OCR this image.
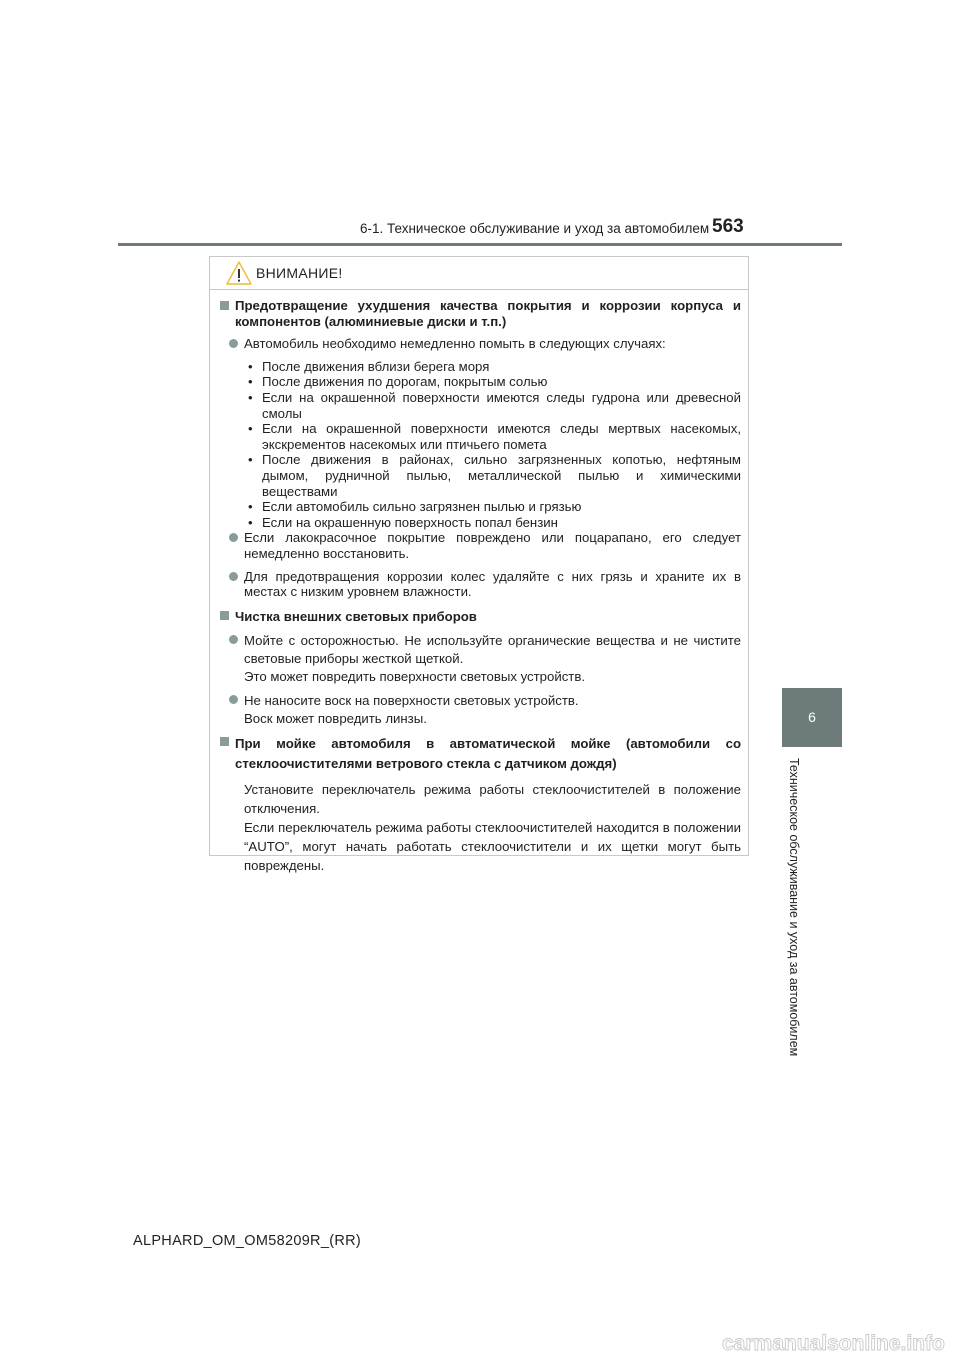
6-1. Техническое обслуживание и уход за автомобилем 563
6
Техническое обслуживание и уход за автомобилем
ВНИМАНИЕ!
Предотвращение ухудшения качества покрытия и коррозии корпуса и компонентов (алюминиевые диски и т.п.)
Автомобиль необходимо немедленно помыть в следующих случаях:
• После движения вблизи берега моря
• После движения по дорогам, покрытым солью
• Если на окрашенной поверхности имеются следы гудрона или древесной смолы
• Если на окрашенной поверхности имеются следы мертвых насекомых, экскрементов насекомых или птичьего помета
• После движения в районах, сильно загрязненных копотью, нефтяным дымом, рудничной пылью, металлической пылью и химическими веществами
• Если автомобиль сильно загрязнен пылью и грязью
• Если на окрашенную поверхность попал бензин
Если лакокрасочное покрытие повреждено или поцарапано, его следует немедленно восстановить.
Для предотвращения коррозии колес удаляйте с них грязь и храните их в местах с низким уровнем влажности.
Чистка внешних световых приборов
Мойте с осторожностью. Не используйте органические вещества и не чистите световые приборы жесткой щеткой.
Это может повредить поверхности световых устройств.
Не наносите воск на поверхности световых устройств.
Воск может повредить линзы.
При мойке автомобиля в автоматической мойке (автомобили со стеклоочистителями ветрового стекла с датчиком дождя)
Установите переключатель режима работы стеклоочистителей в положение отключения.
Если переключатель режима работы стеклоочистителей находится в положении “AUTO”, могут начать работать стеклоочистители и их щетки могут быть повреждены.
ALPHARD_OM_OM58209R_(RR)
carmanualsonline.info
